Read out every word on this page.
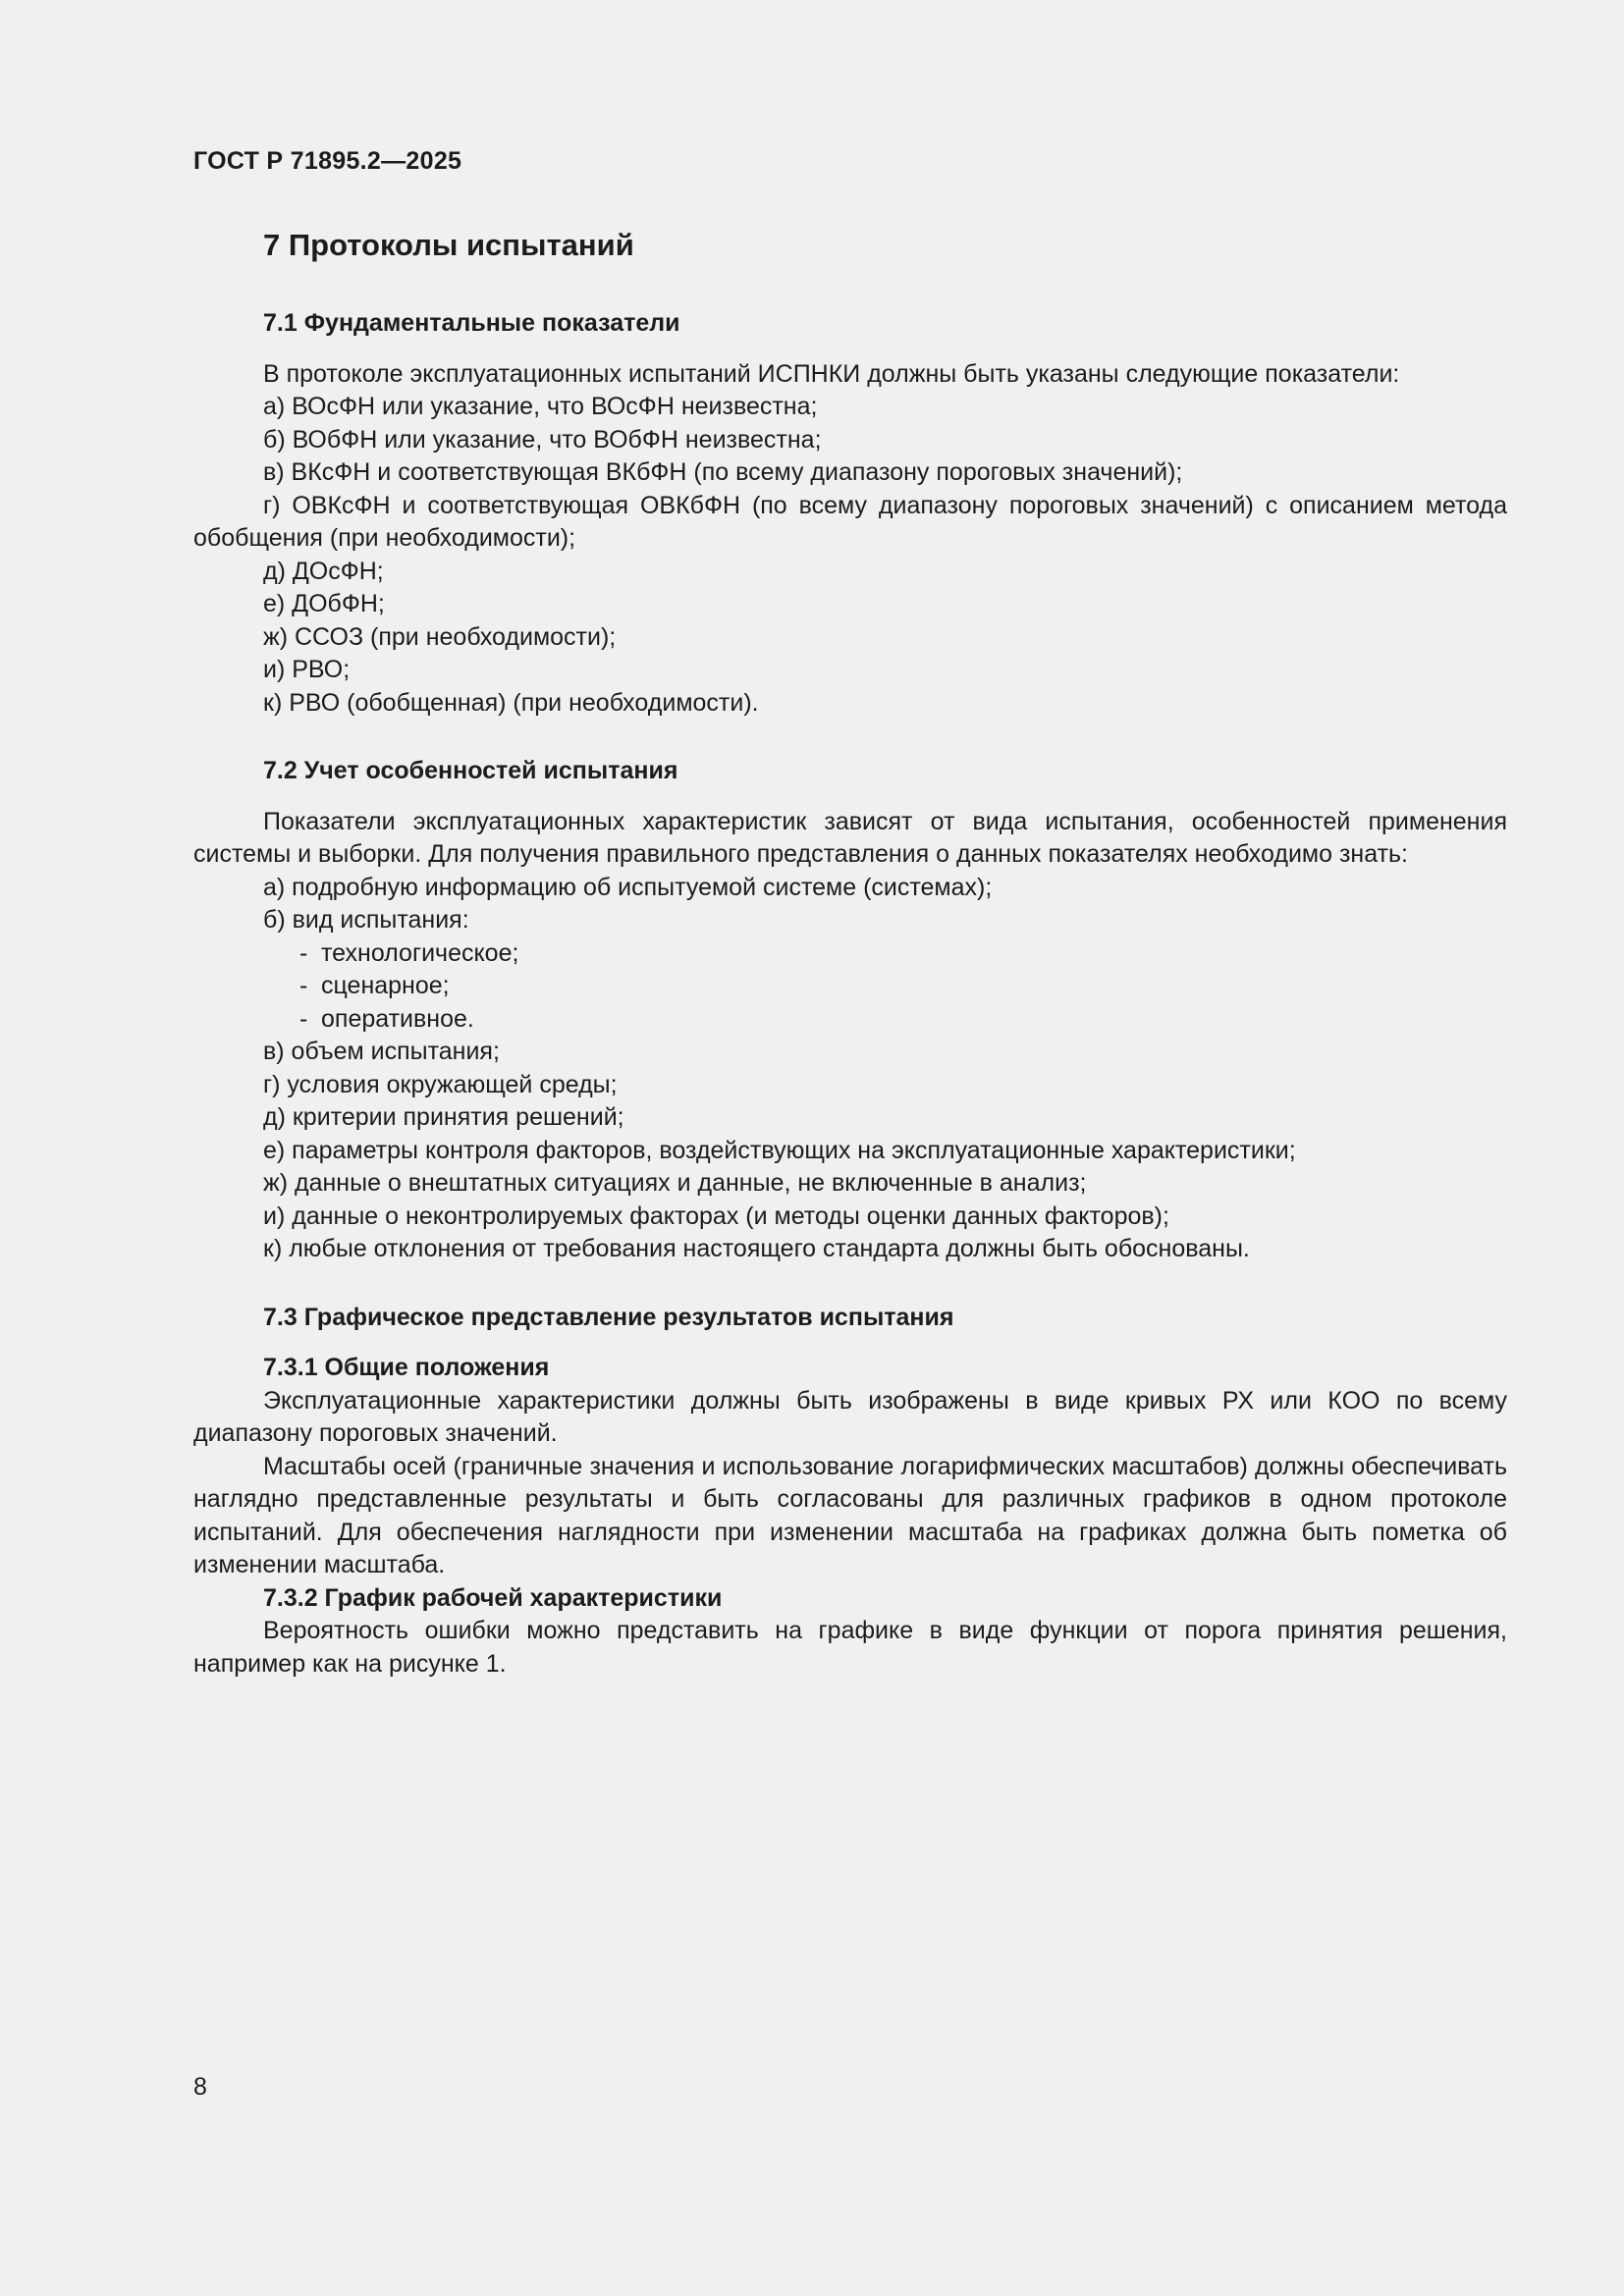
ГОСТ Р 71895.2—2025
7 Протоколы испытаний
7.1 Фундаментальные показатели

В протоколе эксплуатационных испытаний ИСПНКИ должны быть указаны следующие показатели:

а) ВОсФН или указание, что ВОсФН неизвестна;

б) ВОбФН или указание, что ВОбФН неизвестна;

в) ВКсФН и соответствующая ВКбФН (по всему диапазону пороговых значений);

г) ОВКсФН и соответствующая ОВКбФН (по всему диапазону пороговых значений) с описанием метода обобщения (при необходимости);

д) ДОсФН;

е) ДОбФН;

ж) ССОЗ (при необходимости);

и) РВО;

к) РВО (обобщенная) (при необходимости).

7.2 Учет особенностей испытания

Показатели эксплуатационных характеристик зависят от вида испытания, особенностей применения системы и выборки. Для получения правильного представления о данных показателях необходимо знать:

а) подробную информацию об испытуемой системе (системах);

б) вид испытания:

- технологическое;

- сценарное;

- оперативное.

в) объем испытания;

г) условия окружающей среды;

д) критерии принятия решений;

е) параметры контроля факторов, воздействующих на эксплуатационные характеристики;

ж) данные о внештатных ситуациях и данные, не включенные в анализ;

и) данные о неконтролируемых факторах (и методы оценки данных факторов);

к) любые отклонения от требования настоящего стандарта должны быть обоснованы.

7.3 Графическое представление результатов испытания
7.3.1 Общие положения

Эксплуатационные характеристики должны быть изображены в виде кривых РХ или КОО по всему диапазону пороговых значений.

Масштабы осей (граничные значения и использование логарифмических масштабов) должны обеспечивать наглядно представленные результаты и быть согласованы для различных графиков в одном протоколе испытаний. Для обеспечения наглядности при изменении масштаба на графиках должна быть пометка об изменении масштаба.

7.3.2 График рабочей характеристики

Вероятность ошибки можно представить на графике в виде функции от порога принятия решения, например как на рисунке 1.

8
